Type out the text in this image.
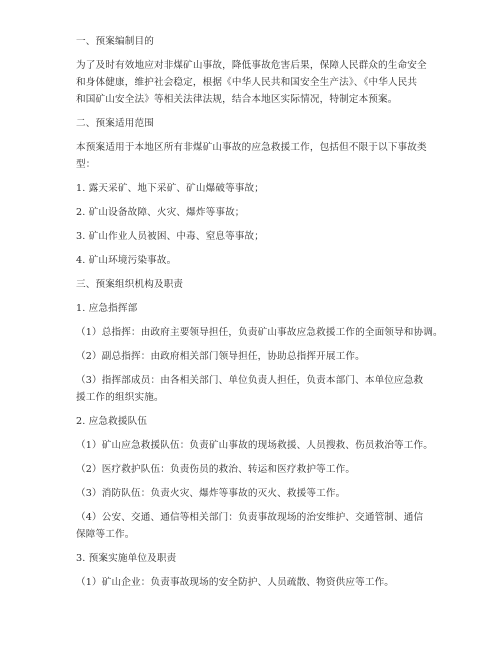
一、预案编制目的
为了及时有效地应对非煤矿山事故，降低事故危害后果，保障人民群众的生命安全
和身体健康，维护社会稳定，根据《中华人民共和国安全生产法》、《中华人民共
和国矿山安全法》等相关法律法规，结合本地区实际情况，特制定本预案。
二、预案适用范围
本预案适用于本地区所有非煤矿山事故的应急救援工作，包括但不限于以下事故类
型：
1. 露天采矿、地下采矿、矿山爆破等事故；
2. 矿山设备故障、火灾、爆炸等事故；
3. 矿山作业人员被困、中毒、窒息等事故；
4. 矿山环境污染事故。
三、预案组织机构及职责
1. 应急指挥部
（1）总指挥：由政府主要领导担任，负责矿山事故应急救援工作的全面领导和协调。
（2）副总指挥：由政府相关部门领导担任，协助总指挥开展工作。
（3）指挥部成员：由各相关部门、单位负责人担任，负责本部门、本单位应急救
援工作的组织实施。
2. 应急救援队伍
（1）矿山应急救援队伍：负责矿山事故的现场救援、人员搜救、伤员救治等工作。
（2）医疗救护队伍：负责伤员的救治、转运和医疗救护等工作。
（3）消防队伍：负责火灾、爆炸等事故的灭火、救援等工作。
（4）公安、交通、通信等相关部门：负责事故现场的治安维护、交通管制、通信
保障等工作。
3. 预案实施单位及职责
（1）矿山企业：负责事故现场的安全防护、人员疏散、物资供应等工作。
